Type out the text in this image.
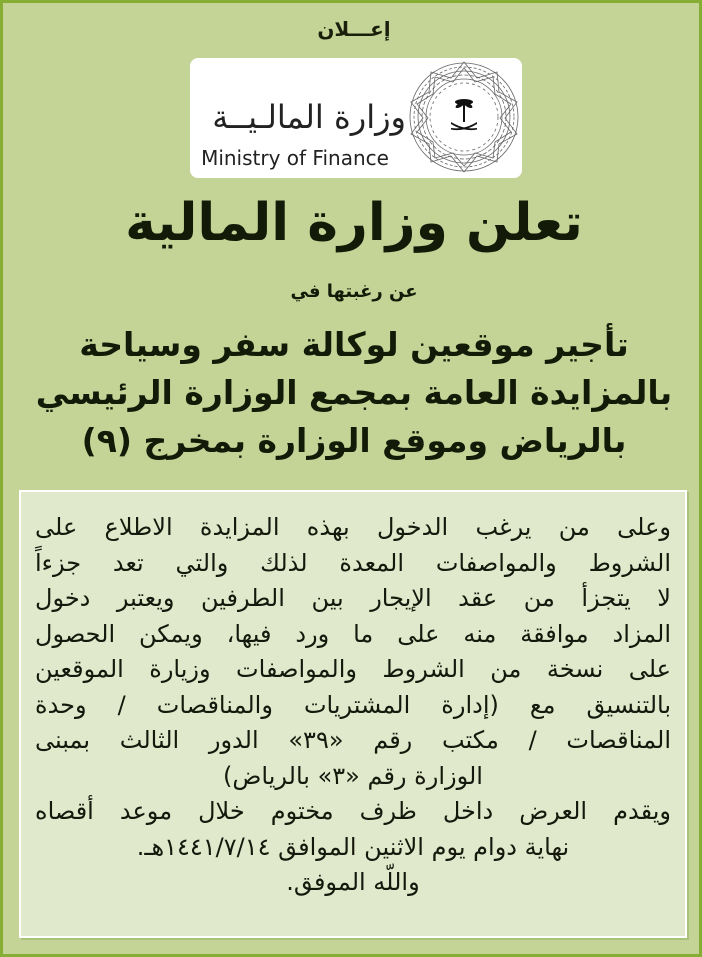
إعـــلان
وزارة المالـيــة
Ministry of Finance
تعلن وزارة المالية
عن رغبتها في
تأجير موقعين لوكالة سفر وسياحة
بالمزايدة العامة بمجمع الوزارة الرئيسي
بالرياض وموقع الوزارة بمخرج (٩)
وعلى من يرغب الدخول بهذه المزايدة الاطلاع على
الشروط والمواصفات المعدة لذلك والتي تعد جزءاً
لا يتجزأ من عقد الإيجار بين الطرفين ويعتبر دخول
المزاد موافقة منه على ما ورد فيها، ويمكن الحصول
على نسخة من الشروط والمواصفات وزيارة الموقعين
بالتنسيق مع (إدارة المشتريات والمناقصات / وحدة
المناقصات / مكتب رقم «٣٩» الدور الثالث بمبنى
الوزارة رقم «٣» بالرياض)
ويقدم العرض داخل ظرف مختوم خلال موعد أقصاه
نهاية دوام يوم الاثنين الموافق ١٤٤١/٧/١٤هـ.
واللّه الموفق.
